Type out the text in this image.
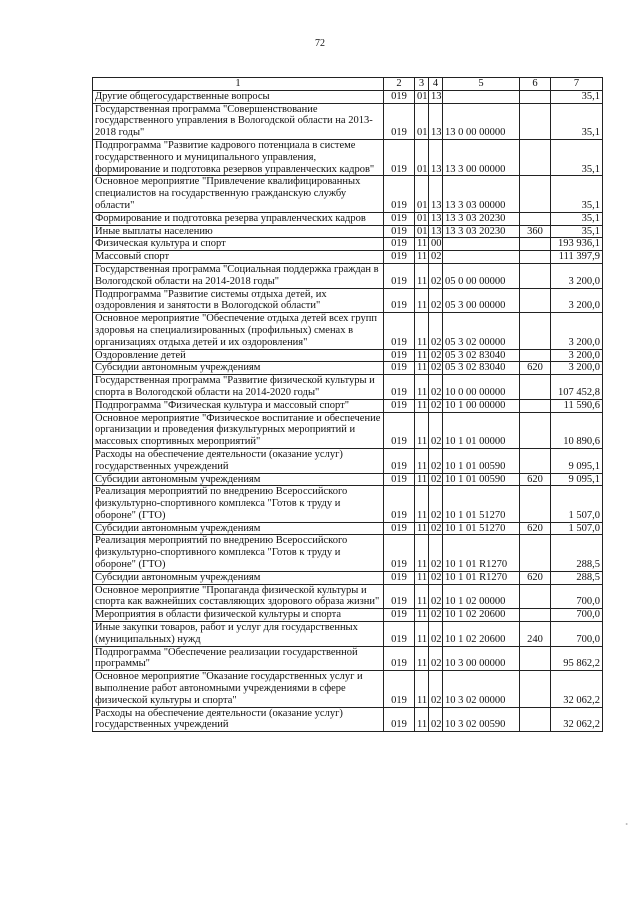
72
1	2	3	4	5	6	7
Другие общегосударственные вопросы	019	01	13			35,1
Государственная программа "Совершенствование государственного управления в Вологодской области на 2013-2018 годы"	019	01	13	13 0 00 00000		35,1
Подпрограмма "Развитие кадрового потенциала в системе государственного и муниципального управления, формирование и подготовка резервов управленческих кадров"	019	01	13	13 3 00 00000		35,1
Основное мероприятие "Привлечение квалифицированных специалистов на государственную гражданскую службу области"	019	01	13	13 3 03 00000		35,1
Формирование и подготовка резерва управленческих кадров	019	01	13	13 3 03 20230		35,1
Иные выплаты населению	019	01	13	13 3 03 20230	360	35,1
Физическая культура и спорт	019	11	00			193 936,1
Массовый спорт	019	11	02			111 397,9
Государственная программа "Социальная поддержка граждан в Вологодской области на 2014-2018 годы"	019	11	02	05 0 00 00000		3 200,0
Подпрограмма "Развитие системы отдыха детей, их оздоровления и занятости в Вологодской области"	019	11	02	05 3 00 00000		3 200,0
Основное мероприятие "Обеспечение отдыха детей всех групп здоровья на специализированных (профильных) сменах в организациях отдыха детей и их оздоровления"	019	11	02	05 3 02 00000		3 200,0
Оздоровление детей	019	11	02	05 3 02 83040		3 200,0
Субсидии автономным учреждениям	019	11	02	05 3 02 83040	620	3 200,0
Государственная программа "Развитие физической культуры и спорта в Вологодской области на 2014-2020 годы"	019	11	02	10 0 00 00000		107 452,8
Подпрограмма "Физическая культура и массовый спорт"	019	11	02	10 1 00 00000		11 590,6
Основное мероприятие "Физическое воспитание и обеспечение организации и проведения физкультурных мероприятий и массовых спортивных мероприятий"	019	11	02	10 1 01 00000		10 890,6
Расходы на обеспечение деятельности (оказание услуг) государственных учреждений	019	11	02	10 1 01 00590		9 095,1
Субсидии автономным учреждениям	019	11	02	10 1 01 00590	620	9 095,1
Реализация мероприятий по внедрению Всероссийского физкультурно-спортивного комплекса "Готов к труду и обороне" (ГТО)	019	11	02	10 1 01 51270		1 507,0
Субсидии автономным учреждениям	019	11	02	10 1 01 51270	620	1 507,0
Реализация мероприятий по внедрению Всероссийского физкультурно-спортивного комплекса "Готов к труду и обороне" (ГТО)	019	11	02	10 1 01 R1270		288,5
Субсидии автономным учреждениям	019	11	02	10 1 01 R1270	620	288,5
Основное мероприятие "Пропаганда физической культуры и спорта как важнейших составляющих здорового образа жизни"	019	11	02	10 1 02 00000		700,0
Мероприятия в области физической культуры и спорта	019	11	02	10 1 02 20600		700,0
Иные закупки товаров, работ и услуг для государственных (муниципальных) нужд	019	11	02	10 1 02 20600	240	700,0
Подпрограмма "Обеспечение реализации государственной программы"	019	11	02	10 3 00 00000		95 862,2
Основное мероприятие "Оказание государственных услуг и выполнение работ автономными учреждениями в сфере физической культуры и спорта"	019	11	02	10 3 02 00000		32 062,2
Расходы на обеспечение деятельности (оказание услуг) государственных учреждений	019	11	02	10 3 02 00590		32 062,2
•
